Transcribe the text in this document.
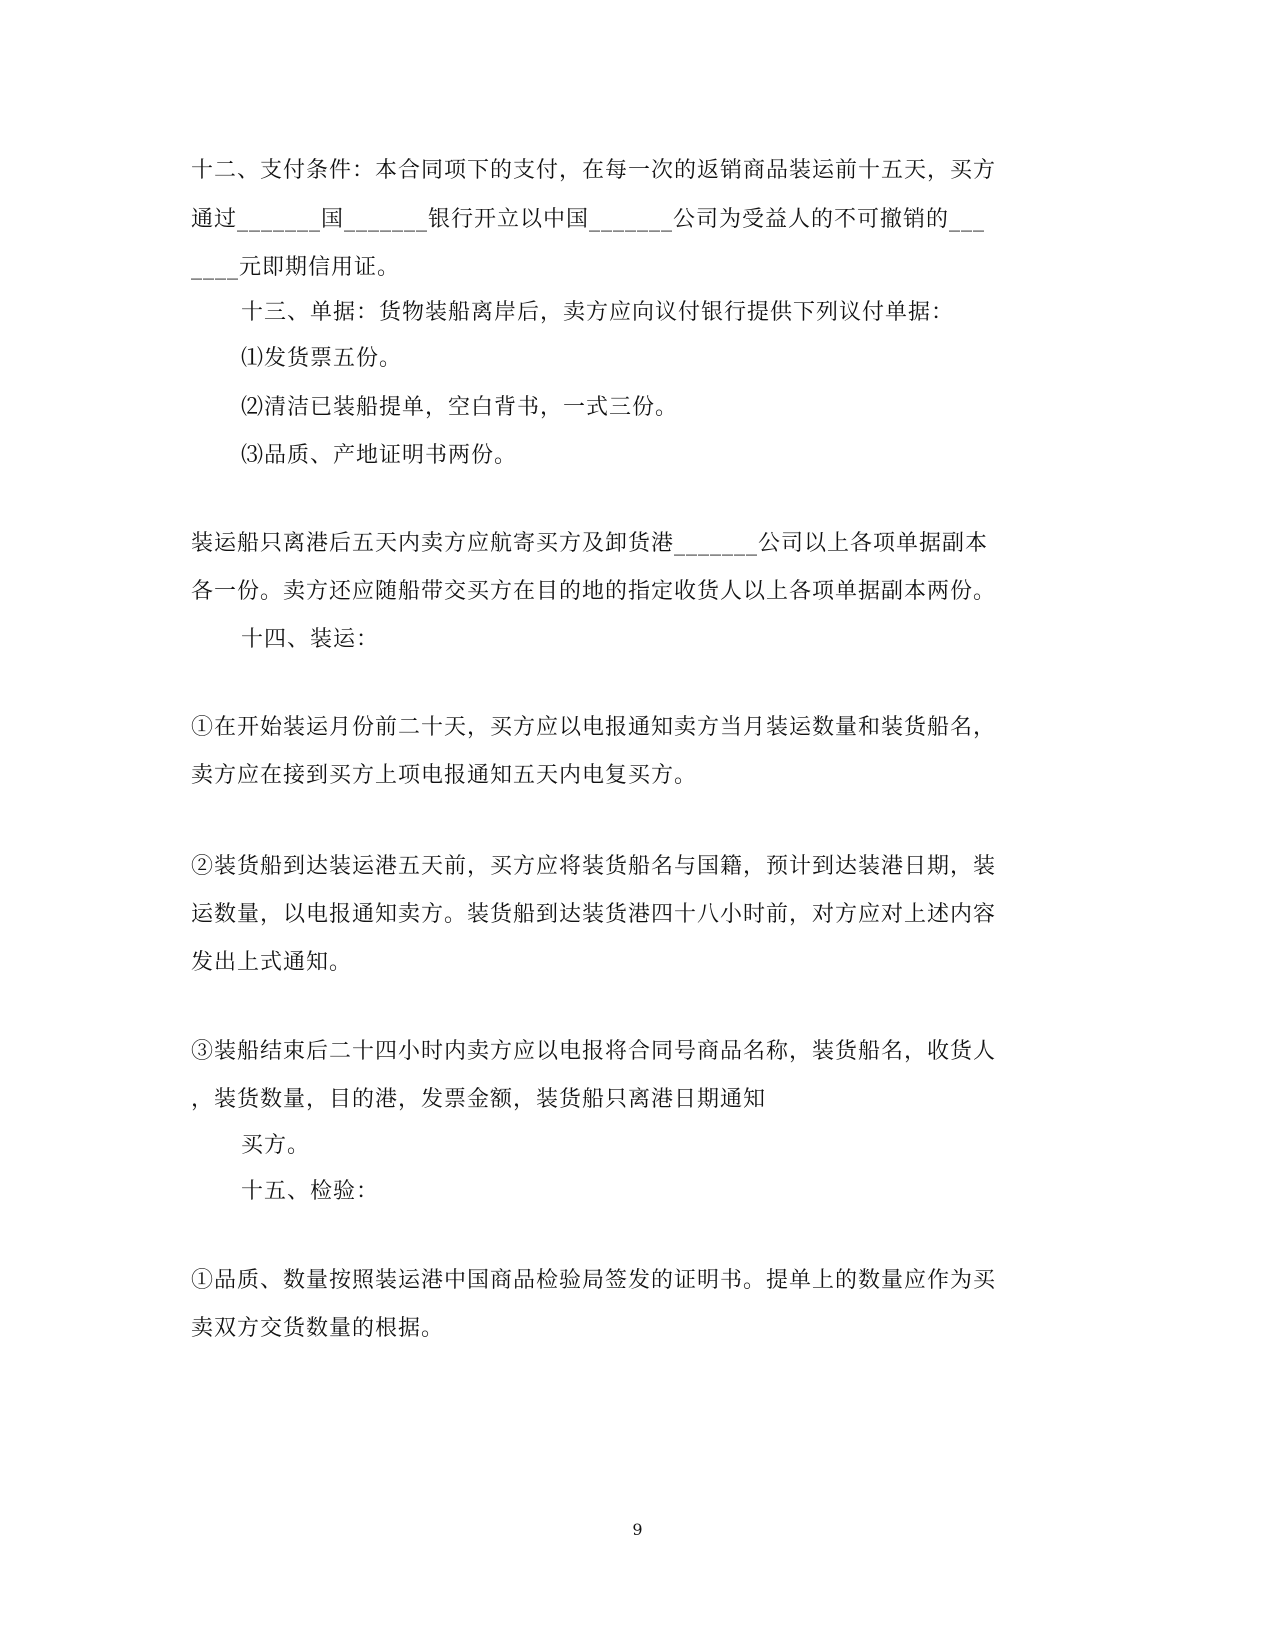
十二、支付条件：本合同项下的支付，在每一次的返销商品装运前十五天，买方
通过_______国_______银行开立以中国_______公司为受益人的不可撤销的___
____元即期信用证。
十三、单据：货物装船离岸后，卖方应向议付银行提供下列议付单据：
⑴发货票五份。
⑵清洁已装船提单，空白背书，一式三份。
⑶品质、产地证明书两份。
装运船只离港后五天内卖方应航寄买方及卸货港_______公司以上各项单据副本
各一份。卖方还应随船带交买方在目的地的指定收货人以上各项单据副本两份。
十四、装运：
①在开始装运月份前二十天，买方应以电报通知卖方当月装运数量和装货船名，
卖方应在接到买方上项电报通知五天内电复买方。
②装货船到达装运港五天前，买方应将装货船名与国籍，预计到达装港日期，装
运数量，以电报通知卖方。装货船到达装货港四十八小时前，对方应对上述内容
发出上式通知。
③装船结束后二十四小时内卖方应以电报将合同号商品名称，装货船名，收货人
，装货数量，目的港，发票金额，装货船只离港日期通知
买方。
十五、检验：
①品质、数量按照装运港中国商品检验局签发的证明书。提单上的数量应作为买
卖双方交货数量的根据。
9
